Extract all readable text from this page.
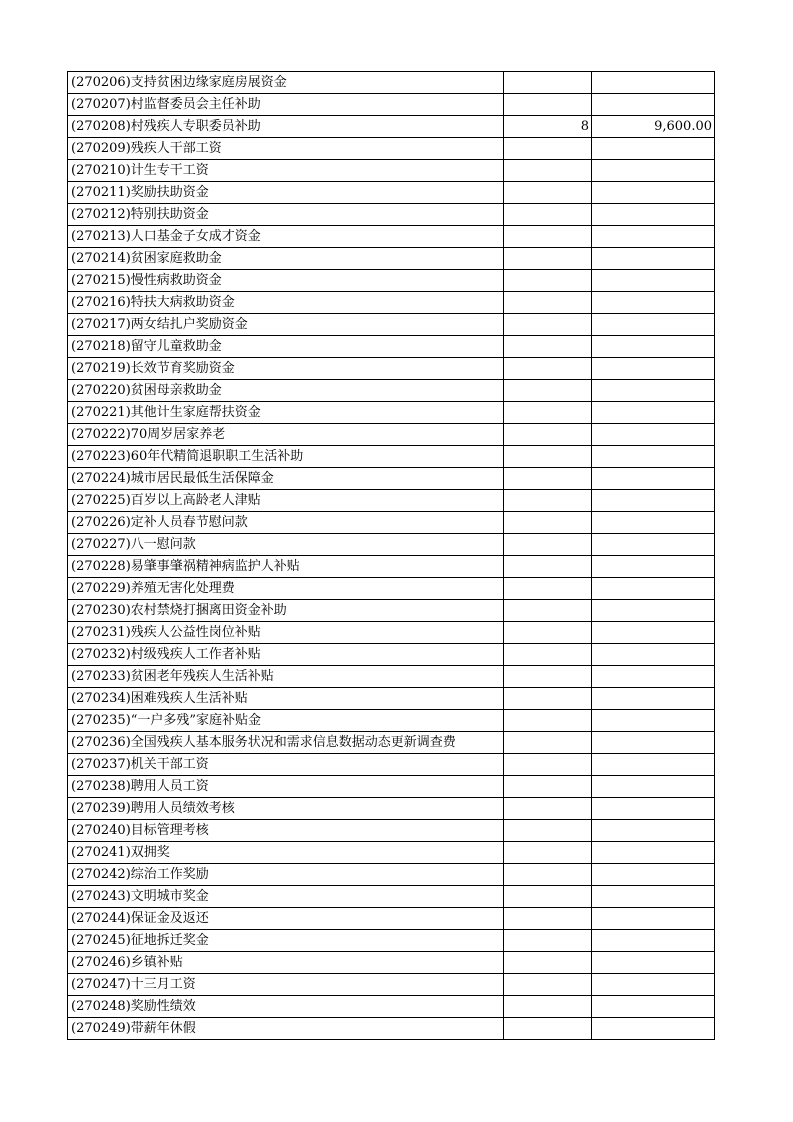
(270206)支持贫困边缘家庭房展资金		
(270207)村监督委员会主任补助		
(270208)村残疾人专职委员补助	8	9,600.00
(270209)残疾人干部工资		
(270210)计生专干工资		
(270211)奖励扶助资金		
(270212)特别扶助资金		
(270213)人口基金子女成才资金		
(270214)贫困家庭救助金		
(270215)慢性病救助资金		
(270216)特扶大病救助资金		
(270217)两女结扎户奖励资金		
(270218)留守儿童救助金		
(270219)长效节育奖励资金		
(270220)贫困母亲救助金		
(270221)其他计生家庭帮扶资金		
(270222)70周岁居家养老		
(270223)60年代精简退职职工生活补助		
(270224)城市居民最低生活保障金		
(270225)百岁以上高龄老人津贴		
(270226)定补人员春节慰问款		
(270227)八一慰问款		
(270228)易肇事肇祸精神病监护人补贴		
(270229)养殖无害化处理费		
(270230)农村禁烧打捆离田资金补助		
(270231)残疾人公益性岗位补贴		
(270232)村级残疾人工作者补贴		
(270233)贫困老年残疾人生活补贴		
(270234)困难残疾人生活补贴		
(270235)“一户多残”家庭补贴金		
(270236)全国残疾人基本服务状况和需求信息数据动态更新调查费		
(270237)机关干部工资		
(270238)聘用人员工资		
(270239)聘用人员绩效考核		
(270240)目标管理考核		
(270241)双拥奖		
(270242)综治工作奖励		
(270243)文明城市奖金		
(270244)保证金及返还		
(270245)征地拆迁奖金		
(270246)乡镇补贴		
(270247)十三月工资		
(270248)奖励性绩效		
(270249)带薪年休假		
